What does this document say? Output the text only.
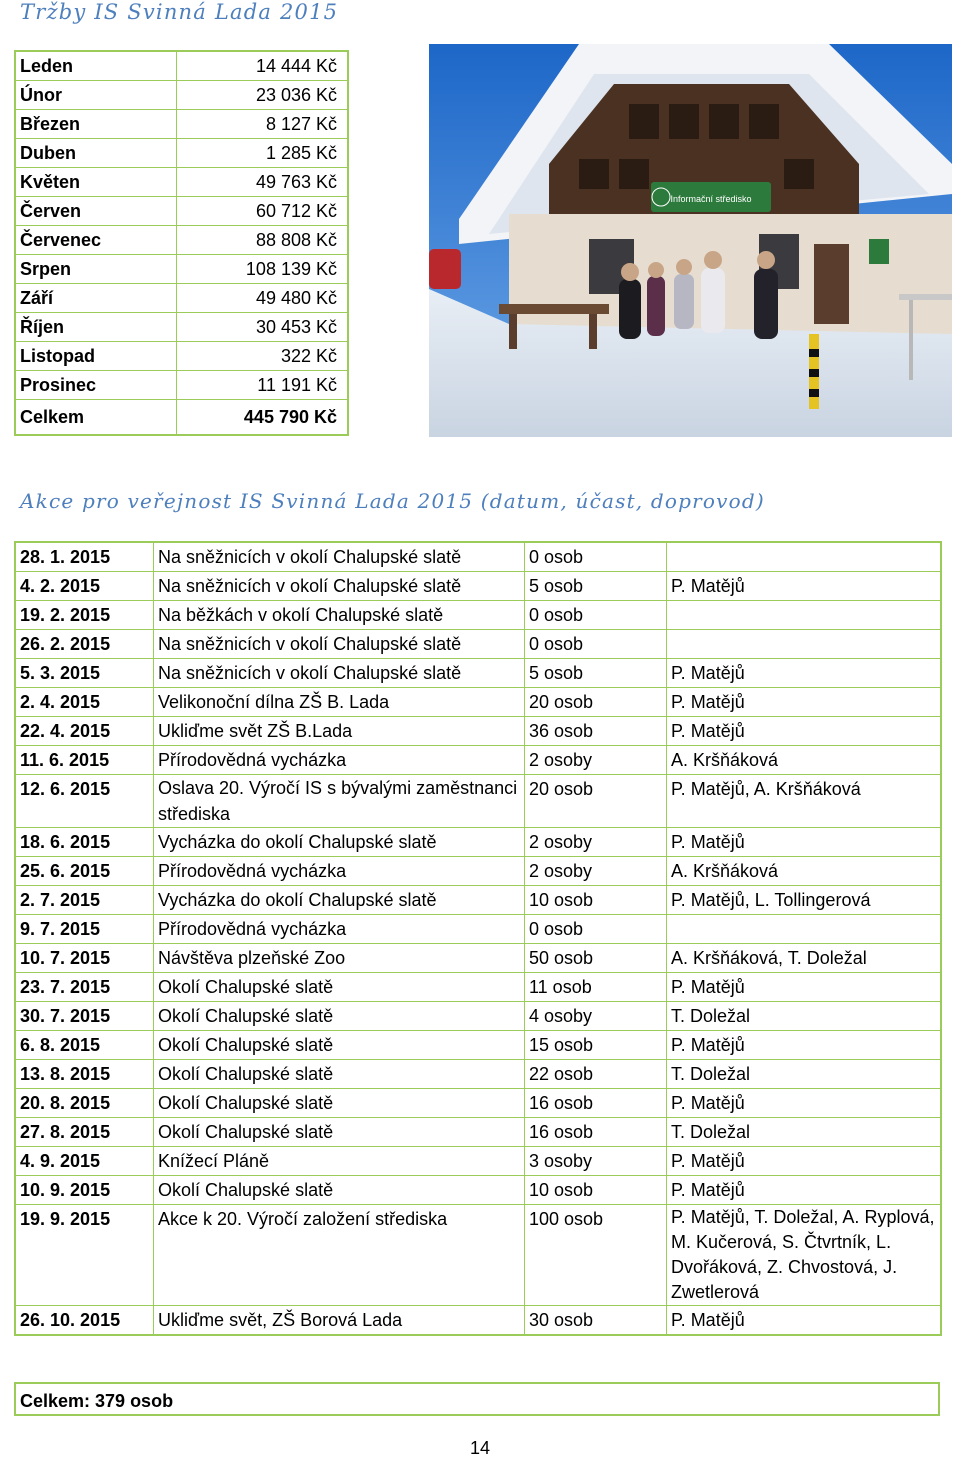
Tržby IS Svinná Lada 2015
Leden	14 444 Kč
Únor	23 036 Kč
Březen	8 127 Kč
Duben	1 285 Kč
Květen	49 763 Kč
Červen	60 712 Kč
Červenec	88 808 Kč
Srpen	108 139 Kč
Září	49 480 Kč
Říjen	30 453 Kč
Listopad	322 Kč
Prosinec	11 191 Kč
Celkem	445 790 Kč
Informační středisko
Akce pro veřejnost IS Svinná Lada 2015 (datum, účast, doprovod)
28. 1. 2015	Na sněžnicích v okolí Chalupské slatě	0 osob	
4. 2. 2015	Na sněžnicích v okolí Chalupské slatě	5 osob	P. Matějů
19. 2. 2015	Na běžkách v okolí Chalupské slatě	0 osob	
26. 2. 2015	Na sněžnicích v okolí Chalupské slatě	0 osob	
5. 3. 2015	Na sněžnicích v okolí Chalupské slatě	5 osob	P. Matějů
2. 4. 2015	Velikonoční dílna ZŠ B. Lada	20 osob	P. Matějů
22. 4. 2015	Ukliďme svět ZŠ B.Lada	36 osob	P. Matějů
11. 6. 2015	Přírodovědná vycházka	2 osoby	A. Kršňáková
12. 6. 2015	Oslava 20. Výročí IS s bývalými zaměstnanci střediska	20 osob	P. Matějů, A. Kršňáková
18. 6. 2015	Vycházka do okolí Chalupské slatě	2 osoby	P. Matějů
25. 6. 2015	Přírodovědná vycházka	2 osoby	A. Kršňáková
2. 7. 2015	Vycházka do okolí Chalupské slatě	10 osob	P. Matějů, L. Tollingerová
9. 7. 2015	Přírodovědná vycházka	0 osob	
10. 7. 2015	Návštěva plzeňské Zoo	50 osob	A. Kršňáková, T. Doležal
23. 7. 2015	Okolí Chalupské slatě	11 osob	P. Matějů
30. 7. 2015	Okolí Chalupské slatě	4 osoby	T. Doležal
6. 8. 2015	Okolí Chalupské slatě	15 osob	P. Matějů
13. 8. 2015	Okolí Chalupské slatě	22 osob	T. Doležal
20. 8. 2015	Okolí Chalupské slatě	16 osob	P. Matějů
27. 8. 2015	Okolí Chalupské slatě	16 osob	T. Doležal
4. 9. 2015	Knížecí Pláně	3 osoby	P. Matějů
10. 9. 2015	Okolí Chalupské slatě	10 osob	P. Matějů
19. 9. 2015	Akce k 20. Výročí založení střediska	100 osob	P. Matějů, T. Doležal, A. Ryplová, M. Kučerová, S. Čtvrtník, L. Dvořáková, Z. Chvostová, J. Zwetlerová
26. 10. 2015	Ukliďme svět, ZŠ Borová Lada	30 osob	P. Matějů
Celkem: 379 osob
14
